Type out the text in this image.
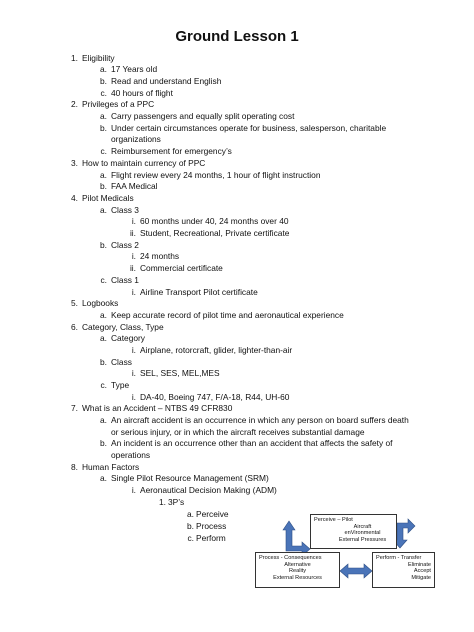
Ground Lesson 1
1. Eligibility
a. 17 Years old
b. Read and understand English
c. 40 hours of flight
2. Privileges of a PPC
a. Carry passengers and equally split operating cost
b. Under certain circumstances operate for business, salesperson, charitable
organizations
c. Reimbursement for emergency’s
3. How to maintain currency of PPC
a. Flight review every 24 months, 1 hour of flight instruction
b. FAA Medical
4. Pilot Medicals
a. Class 3
i. 60 months under 40, 24 months over 40
ii. Student, Recreational, Private certificate
b. Class 2
i. 24 months
ii. Commercial certificate
c. Class 1
i. Airline Transport Pilot certificate
5. Logbooks
a. Keep accurate record of pilot time and aeronautical experience
6. Category, Class, Type
a. Category
i. Airplane, rotorcraft, glider, lighter-than-air
b. Class
i. SEL, SES, MEL,MES
c. Type
i. DA-40, Boeing 747, F/A-18, R44, UH-60
7. What is an Accident – NTBS 49 CFR830
a. An aircraft accident is an occurrence in which any person on board suffers death
or serious injury, or in which the aircraft receives substantial damage
b. An incident is an occurrence other than an accident that affects the safety of
operations
8. Human Factors
a. Single Pilot Resource Management (SRM)
i. Aeronautical Decision Making (ADM)
1. 3P’s
a. Perceive
b. Process
c. Perform
Perceive – Pilot
Aircraft
enVironmental
External Pressures
Process - Consequences
Alternative
Reality
External Resources
Perform - Transfer
Eliminate
Accept
Mitigate
